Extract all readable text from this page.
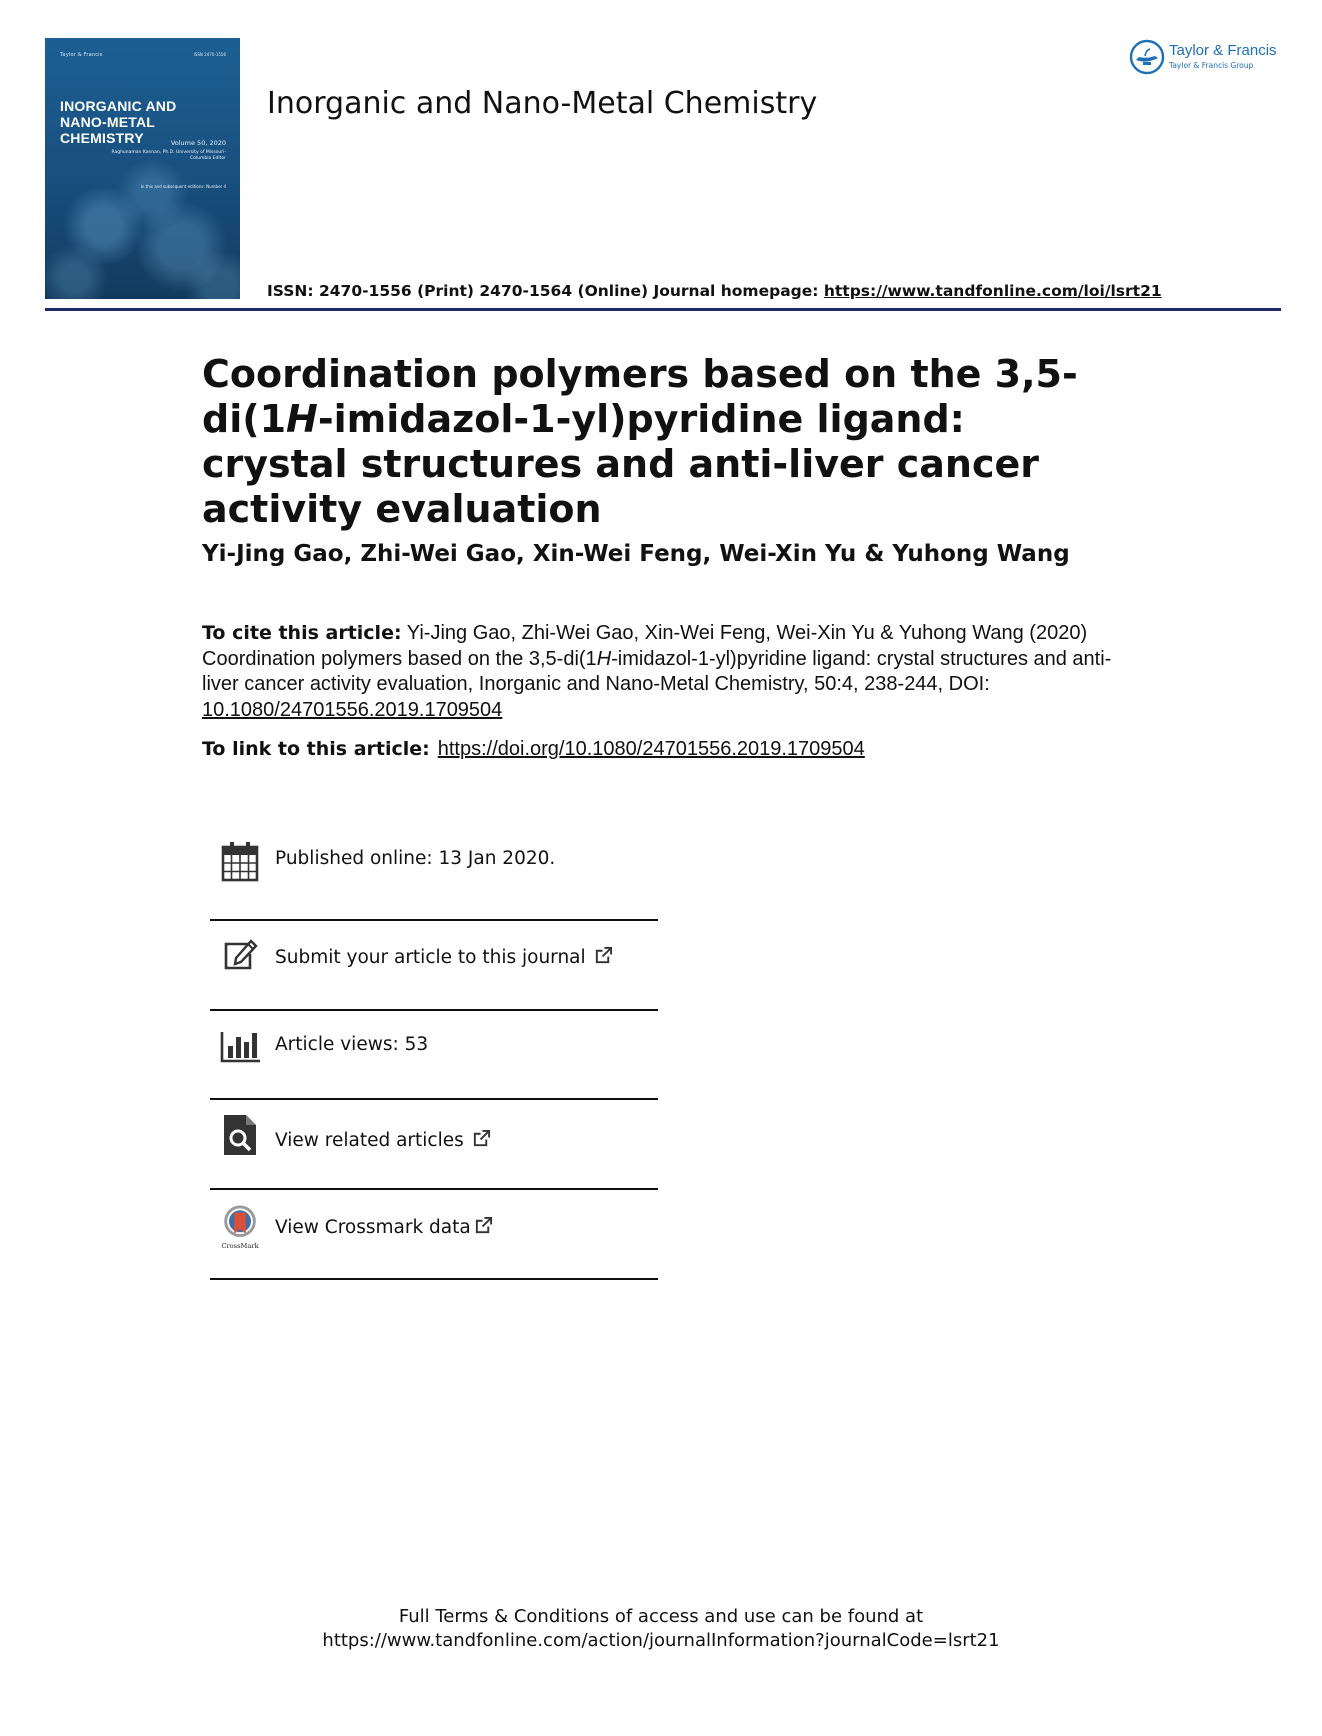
Taylor & Francis	ISSN 2470-1556
INORGANIC AND
NANO-METAL CHEMISTRY	Volume 50, 2020
Raghunaman Kannan, Ph.D. University of Missouri-Columbia Editor
In this and subsequent editions: Number 4
Inorganic and Nano-Metal Chemistry
ISSN: 2470-1556 (Print) 2470-1564 (Online) Journal homepage: https://www.tandfonline.com/loi/lsrt21
Taylor & Francis
Taylor & Francis Group
Coordination polymers based on the 3,5-di(1H-imidazol-1-yl)pyridine ligand: crystal structures and anti-liver cancer activity evaluation
Yi-Jing Gao, Zhi-Wei Gao, Xin-Wei Feng, Wei-Xin Yu & Yuhong Wang
To cite this article: Yi-Jing Gao, Zhi-Wei Gao, Xin-Wei Feng, Wei-Xin Yu & Yuhong Wang (2020) Coordination polymers based on the 3,5-di(1H-imidazol-1-yl)pyridine ligand: crystal structures and anti-liver cancer activity evaluation, Inorganic and Nano-Metal Chemistry, 50:4, 238-244, DOI: 10.1080/24701556.2019.1709504
To link to this article: https://doi.org/10.1080/24701556.2019.1709504
Published online: 13 Jan 2020.
Submit your article to this journal
Article views: 53
View related articles
CrossMark
View Crossmark data
Full Terms & Conditions of access and use can be found at
https://www.tandfonline.com/action/journalInformation?journalCode=lsrt21
